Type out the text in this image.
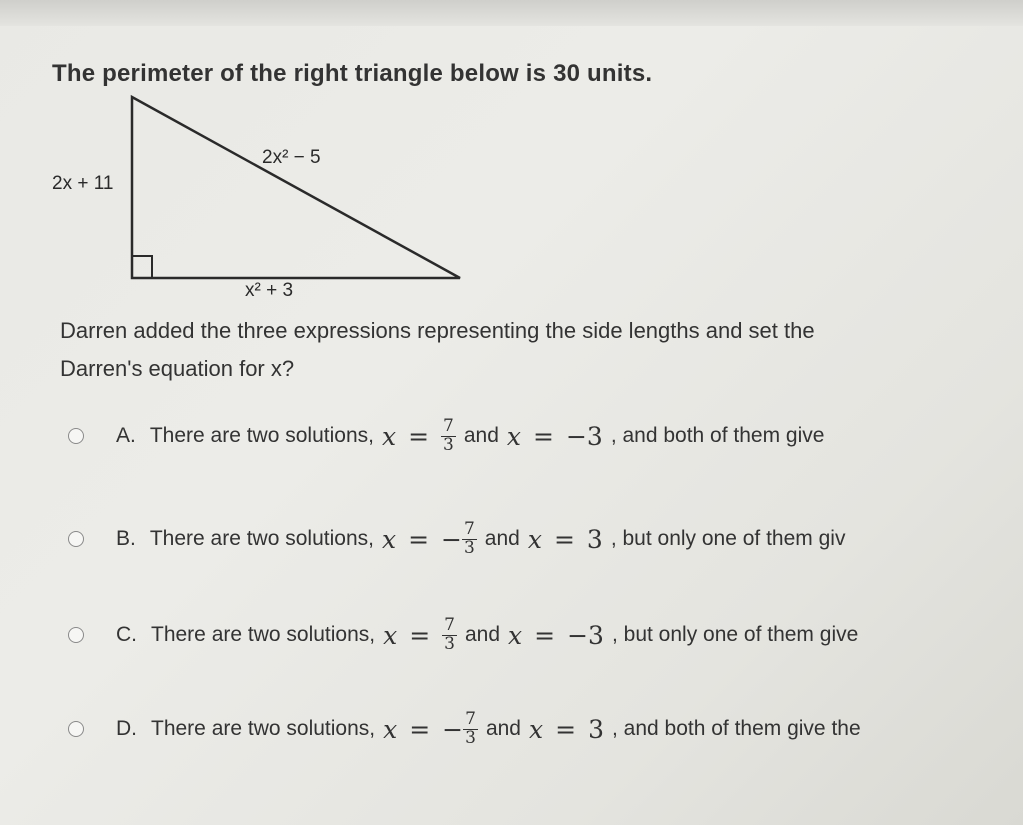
The perimeter of the right triangle below is 30 units.
2x + 11
2x² − 5
x² + 3
Darren added the three expressions representing the side lengths and set the
Darren's equation for x?
A. There are two solutions, $x = \frac{7}{3}$ and x = −3 , and both of them give
B. There are two solutions, x = − $\frac{7}{3}$ and x = 3 , but only one of them giv
C. There are two solutions, $x = \frac{7}{3}$ and x = −3 , but only one of them give
D. There are two solutions, x = − $\frac{7}{3}$ and x = 3 , and both of them give the
